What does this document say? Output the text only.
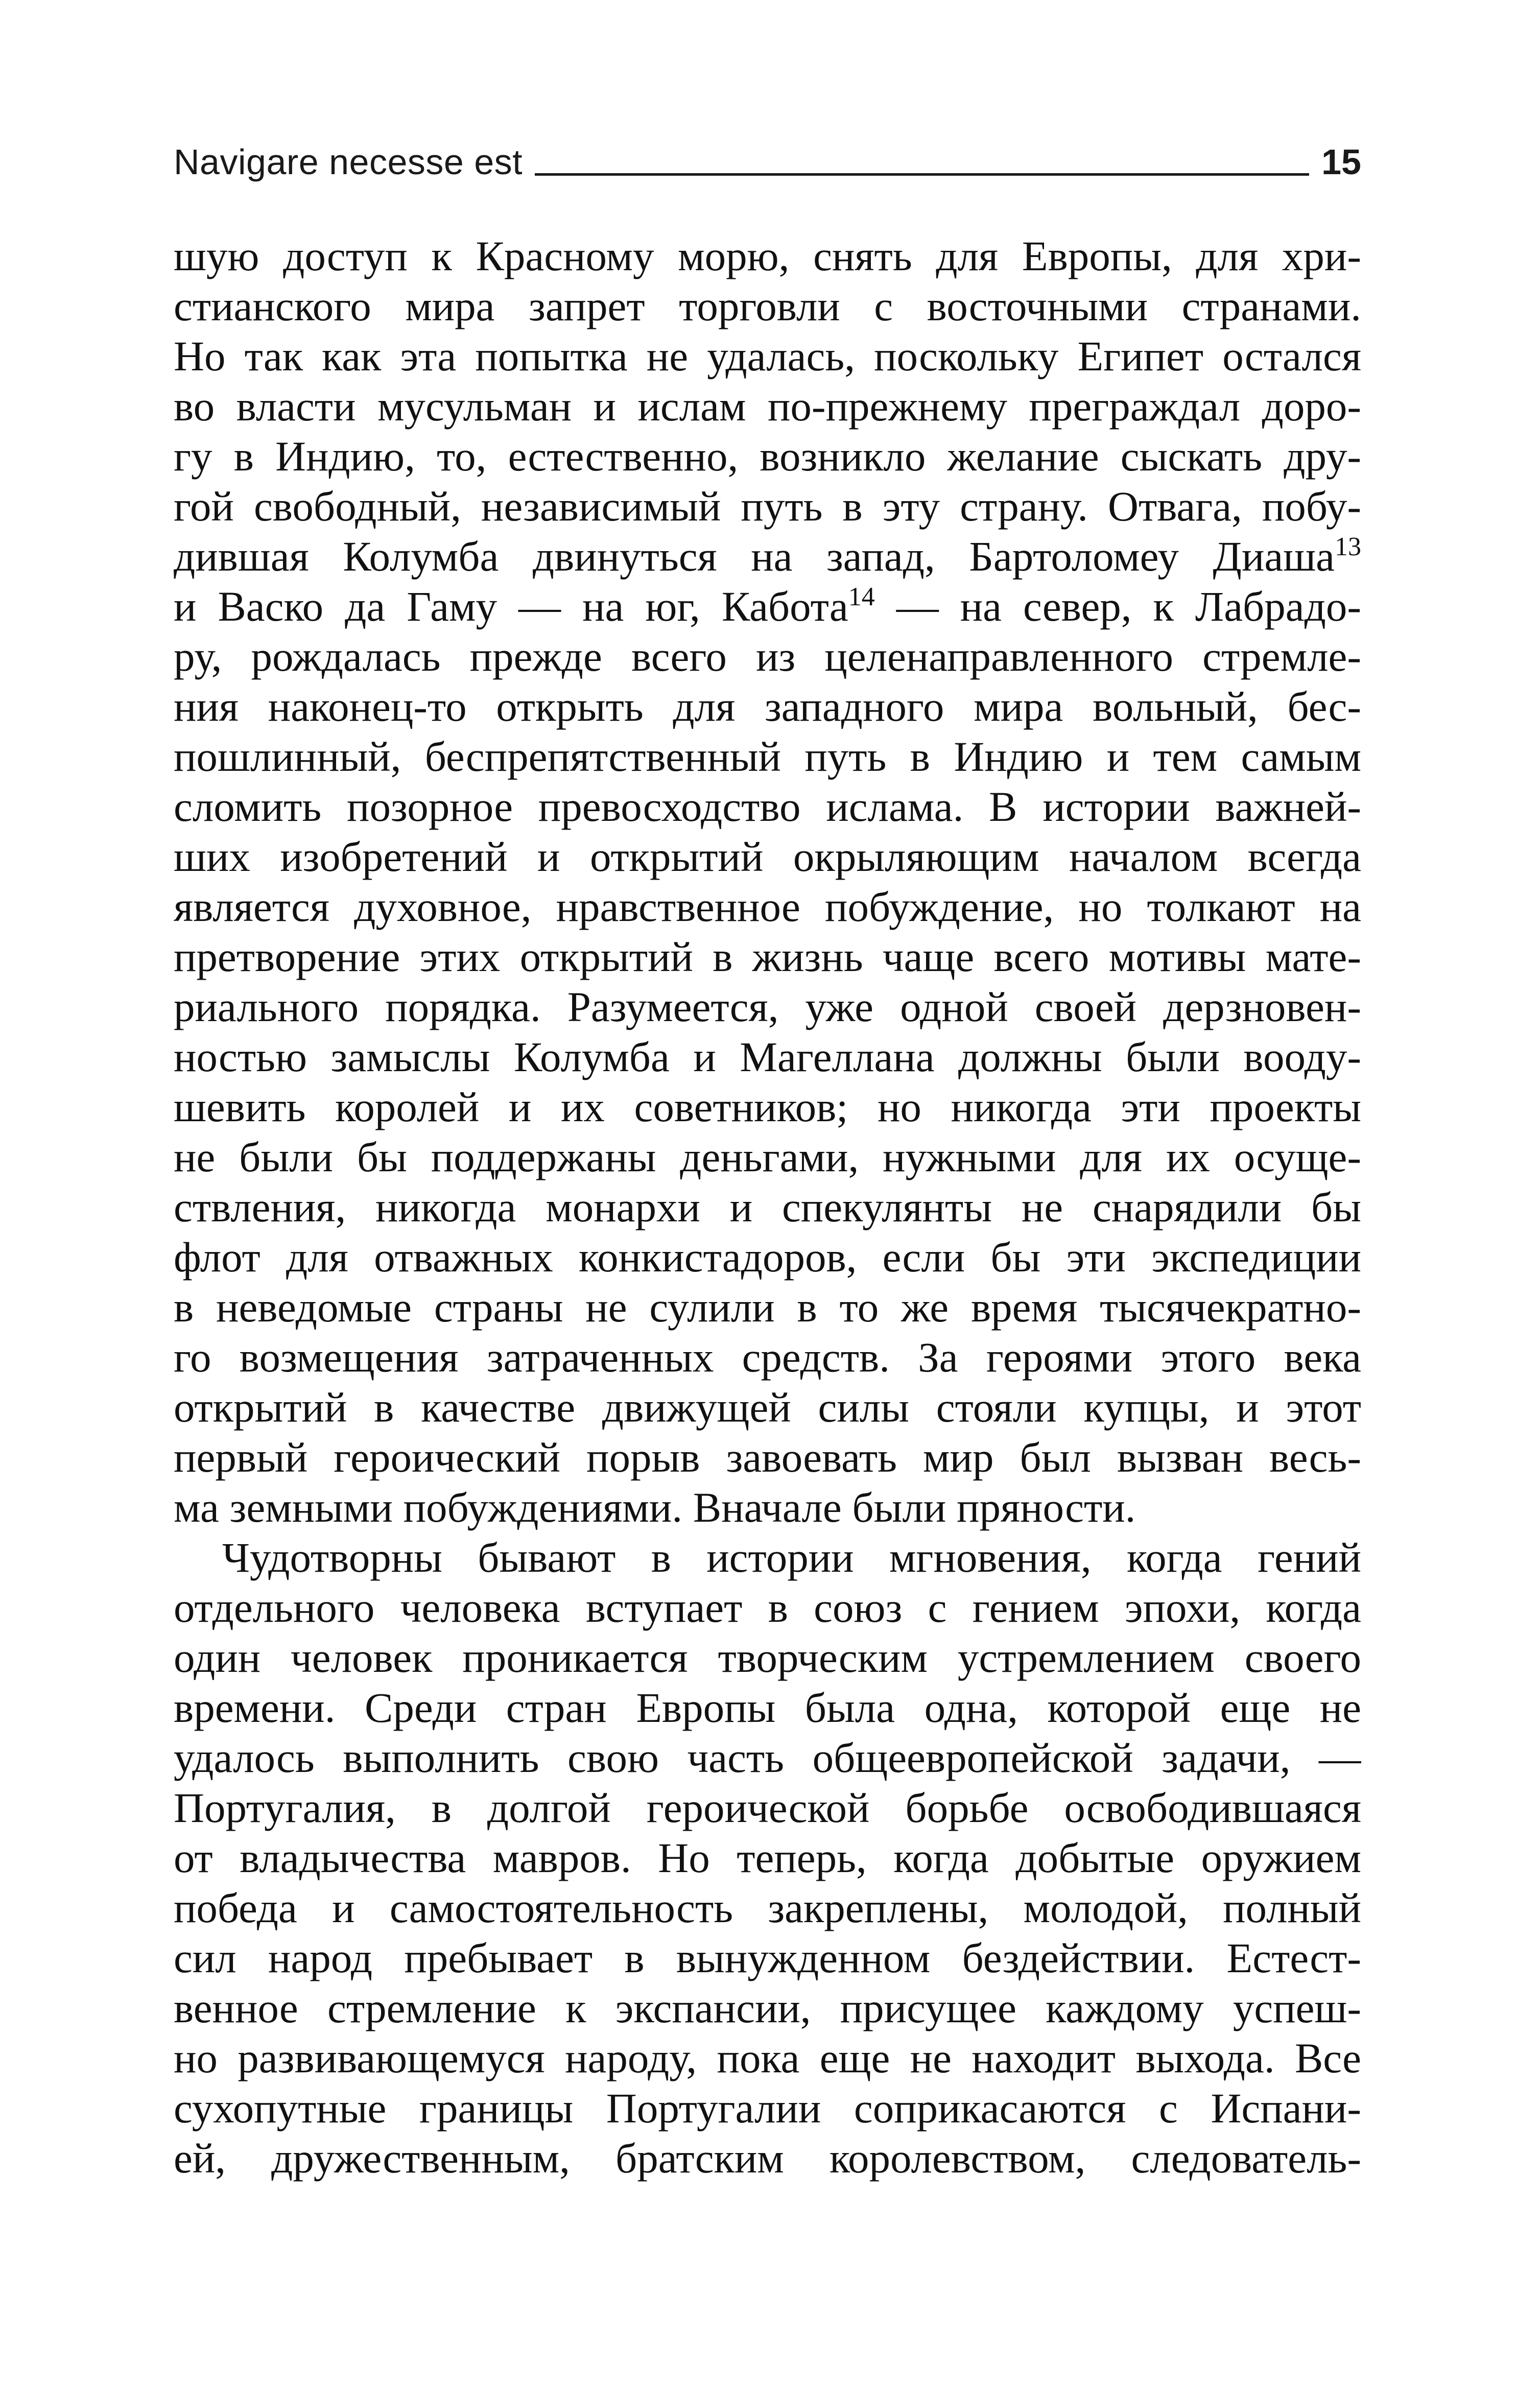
Navigare necesse est	15
шую доступ к Красному морю, снять для Европы, для хри-
стианского мира запрет торговли с восточными странами.
Но так как эта попытка не удалась, поскольку Египет остался
во власти мусульман и ислам по-прежнему преграждал доро-
гу в Индию, то, естественно, возникло желание сыскать дру-
гой свободный, независимый путь в эту страну. Отвага, побу-
дившая Колумба двинуться на запад, Бартоломеу Диаша$^{13}$
и Васко да Гаму — на юг, Кабота$^{14}$ — на север, к Лабрадо-
ру, рождалась прежде всего из целенаправленного стремле-
ния наконец-то открыть для западного мира вольный, бес-
пошлинный, беспрепятственный путь в Индию и тем самым
сломить позорное превосходство ислама. В истории важней-
ших изобретений и открытий окрыляющим началом всегда
является духовное, нравственное побуждение, но толкают на
претворение этих открытий в жизнь чаще всего мотивы мате-
риального порядка. Разумеется, уже одной своей дерзновен-
ностью замыслы Колумба и Магеллана должны были вооду-
шевить королей и их советников; но никогда эти проекты
не были бы поддержаны деньгами, нужными для их осуще-
ствления, никогда монархи и спекулянты не снарядили бы
флот для отважных конкистадоров, если бы эти экспедиции
в неведомые страны не сулили в то же время тысячекратно-
го возмещения затраченных средств. За героями этого века
открытий в качестве движущей силы стояли купцы, и этот
первый героический порыв завоевать мир был вызван весь-
ма земными побуждениями. Вначале были пряности.
Чудотворны бывают в истории мгновения, когда гений
отдельного человека вступает в союз с гением эпохи, когда
один человек проникается творческим устремлением своего
времени. Среди стран Европы была одна, которой еще не
удалось выполнить свою часть общеевропейской задачи, —
Португалия, в долгой героической борьбе освободившаяся
от владычества мавров. Но теперь, когда добытые оружием
победа и самостоятельность закреплены, молодой, полный
сил народ пребывает в вынужденном бездействии. Естест-
венное стремление к экспансии, присущее каждому успеш-
но развивающемуся народу, пока еще не находит выхода. Все
сухопутные границы Португалии соприкасаются с Испани-
ей, дружественным, братским королевством, следователь-
